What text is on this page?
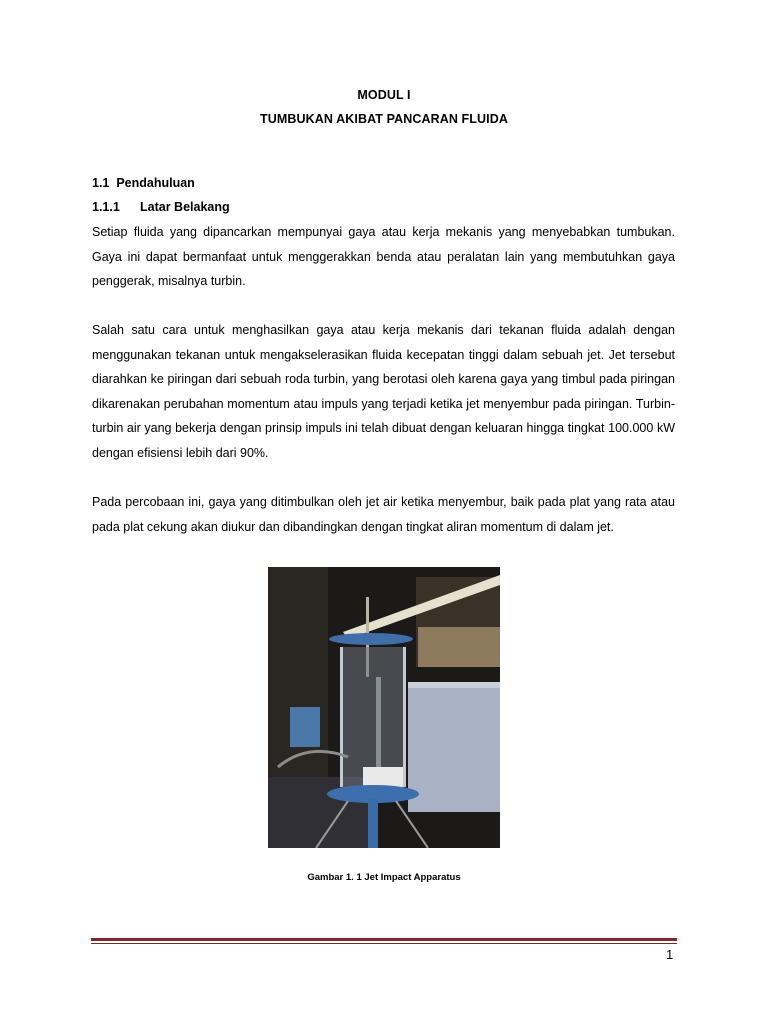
MODUL I
TUMBUKAN AKIBAT PANCARAN FLUIDA
1.1 Pendahuluan
1.1.1 Latar Belakang

Setiap fluida yang dipancarkan mempunyai gaya atau kerja mekanis yang menyebabkan tumbukan. Gaya ini dapat bermanfaat untuk menggerakkan benda atau peralatan lain yang membutuhkan gaya penggerak, misalnya turbin.

Salah satu cara untuk menghasilkan gaya atau kerja mekanis dari tekanan fluida adalah dengan menggunakan tekanan untuk mengakselerasikan fluida kecepatan tinggi dalam sebuah jet. Jet tersebut diarahkan ke piringan dari sebuah roda turbin, yang berotasi oleh karena gaya yang timbul pada piringan dikarenakan perubahan momentum atau impuls yang terjadi ketika jet menyembur pada piringan. Turbin-turbin air yang bekerja dengan prinsip impuls ini telah dibuat dengan keluaran hingga tingkat 100.000 kW dengan efisiensi lebih dari 90%.

Pada percobaan ini, gaya yang ditimbulkan oleh jet air ketika menyembur, baik pada plat yang rata atau pada plat cekung akan diukur dan dibandingkan dengan tingkat aliran momentum di dalam jet.

Gambar 1. 1 Jet Impact Apparatus
1
